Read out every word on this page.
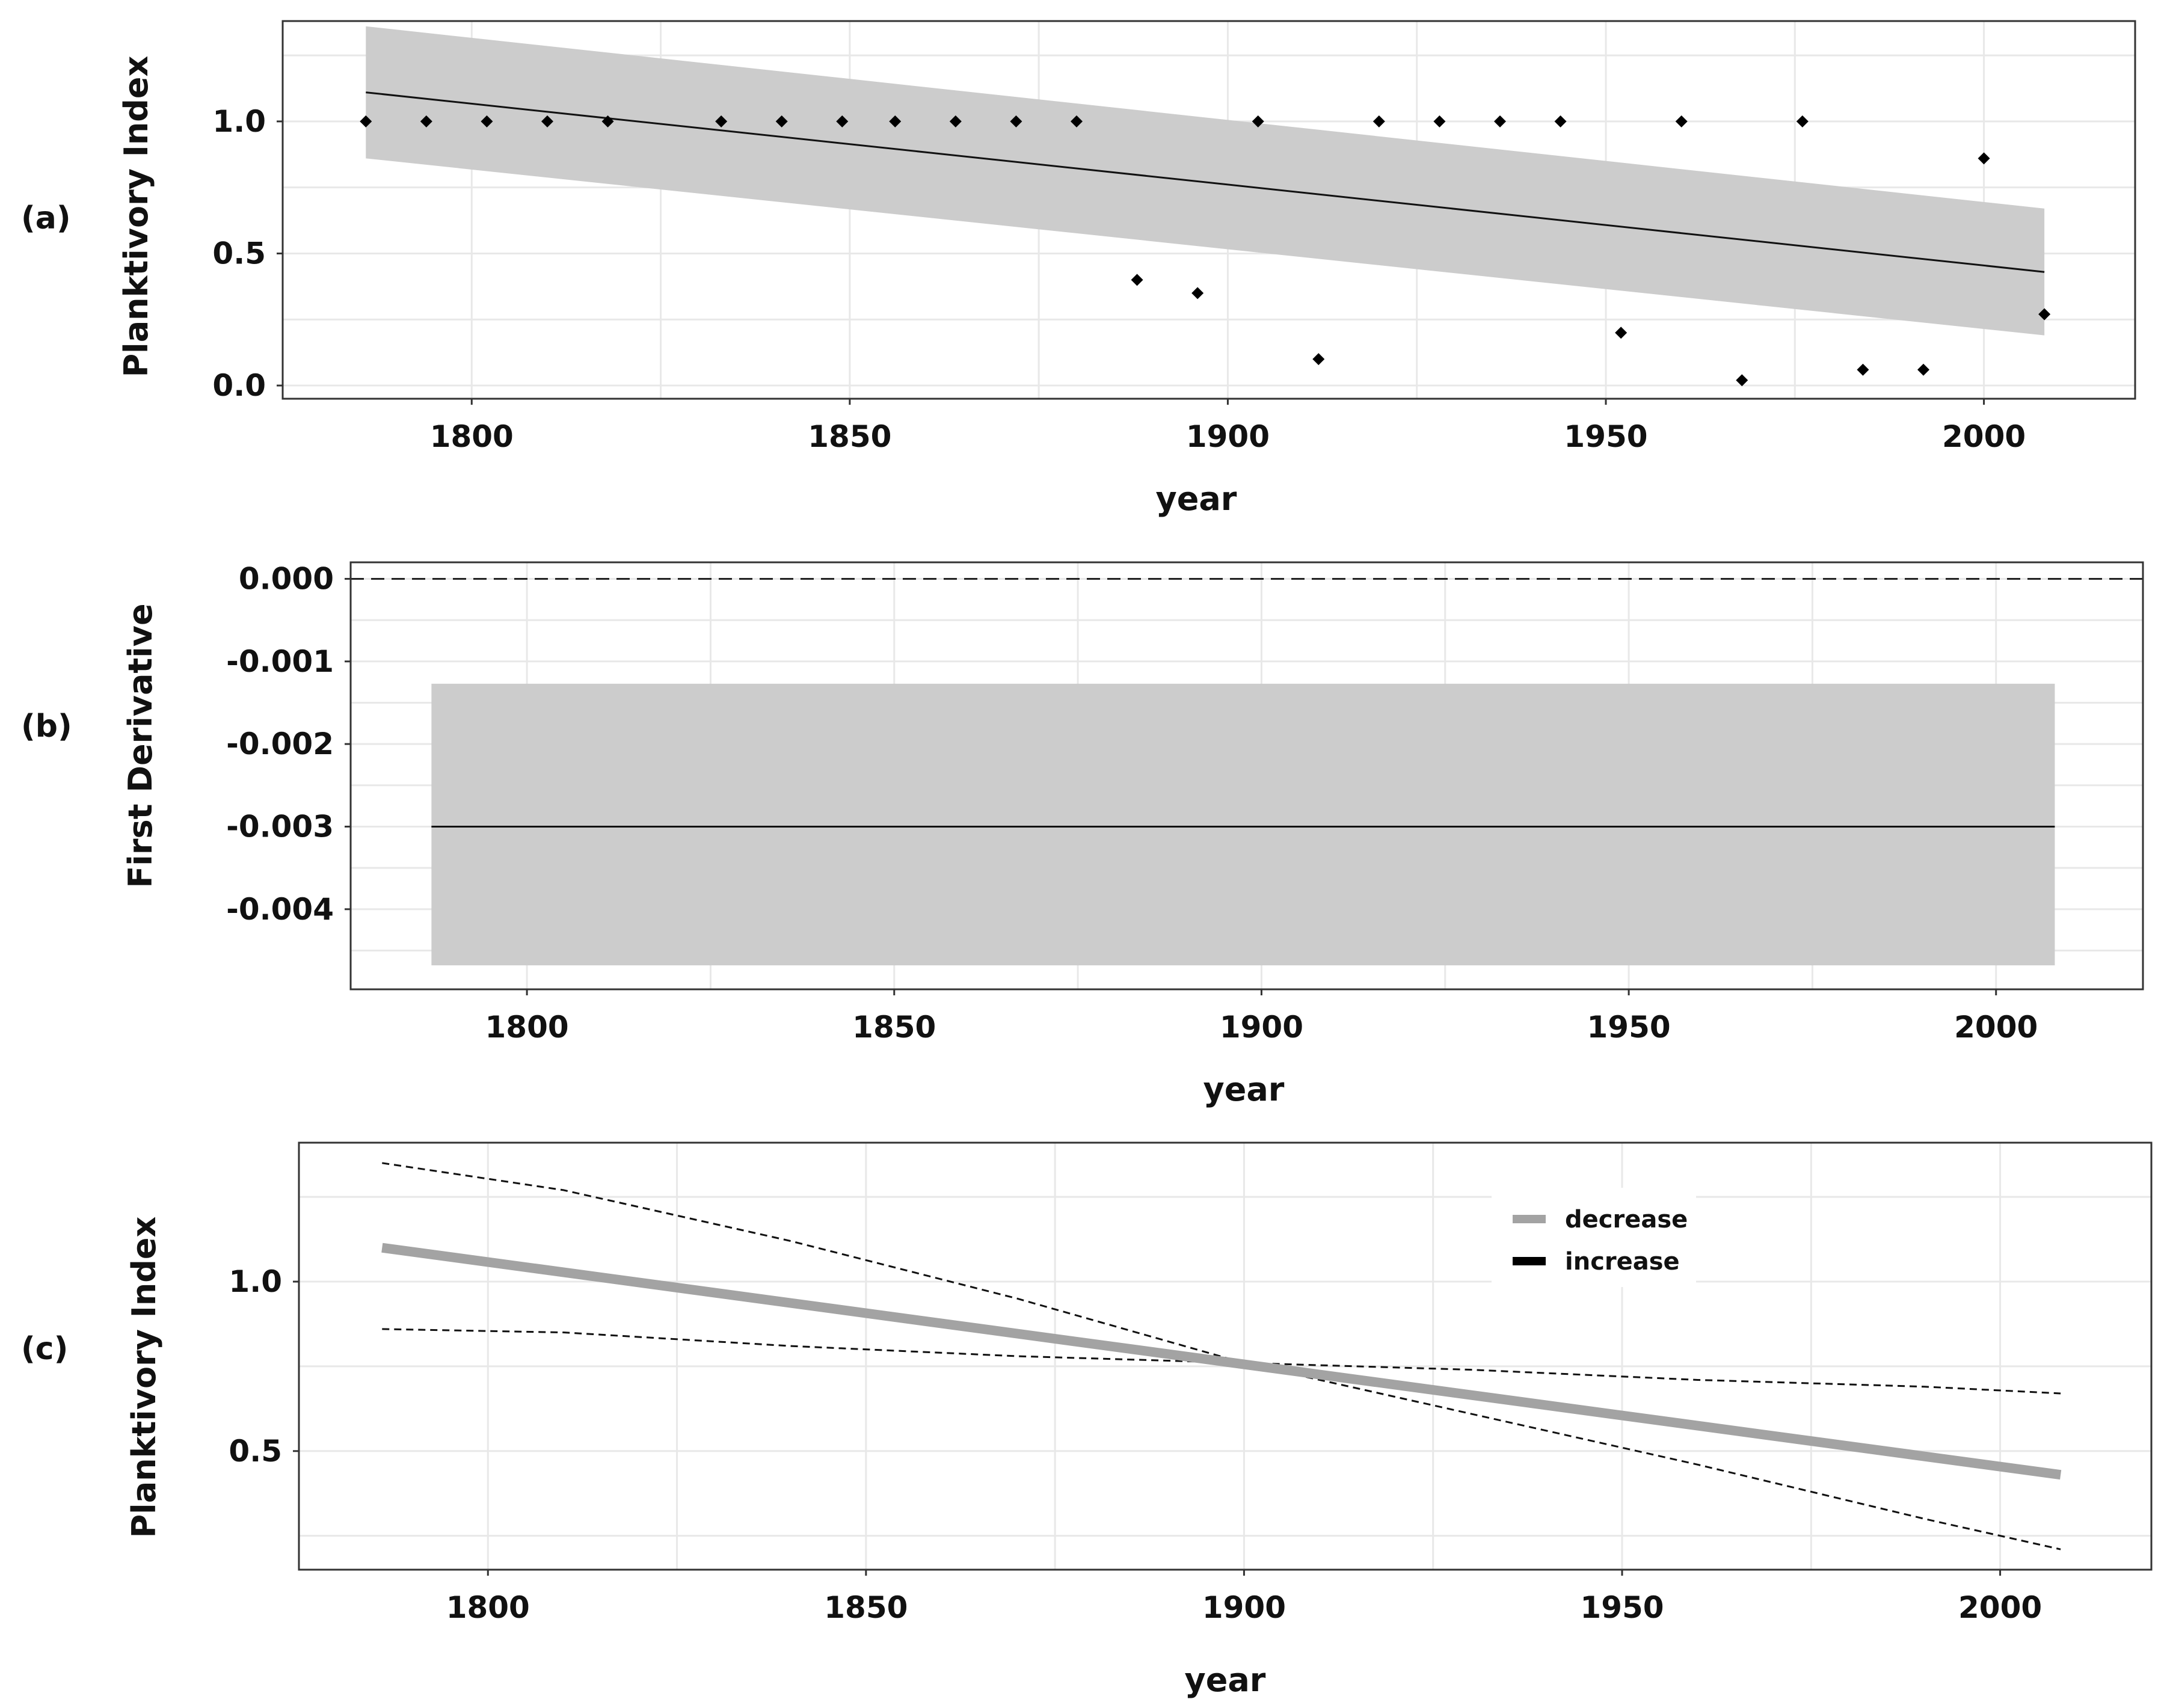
(a)
1800	1850	1900	1950	2000
0.0
0.5
1.0
year
Planktivory Index
(b)
1800	1850	1900	1950	2000
0.000
-0.001
-0.002
-0.003
-0.004
year
First Derivative
(c)
decrease
increase
1800	1850	1900	1950	2000
0.5
1.0
year
Planktivory Index
